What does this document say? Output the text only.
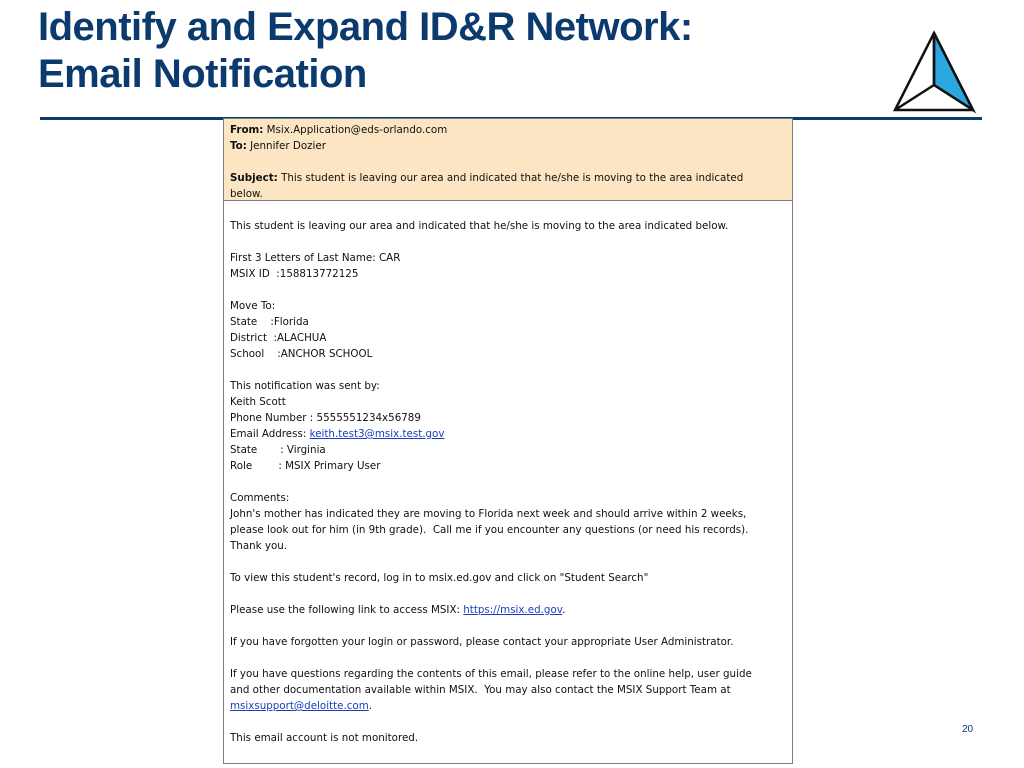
Identify and Expand ID&R Network:
Email Notification
From: Msix.Application@eds-orlando.com
To: Jennifer Dozier
Subject: This student is leaving our area and indicated that he/she is moving to the area indicated
below.
This student is leaving our area and indicated that he/she is moving to the area indicated below.
First 3 Letters of Last Name: CAR
MSIX ID  :158813772125
Move To:
State    :Florida
District  :ALACHUA
School    :ANCHOR SCHOOL
This notification was sent by:
Keith Scott
Phone Number : 5555551234x56789
Email Address: keith.test3@msix.test.gov
State       : Virginia
Role        : MSIX Primary User
Comments:
John's mother has indicated they are moving to Florida next week and should arrive within 2 weeks,
please look out for him (in 9th grade).  Call me if you encounter any questions (or need his records).
Thank you.
To view this student's record, log in to msix.ed.gov and click on "Student Search"
Please use the following link to access MSIX: https://msix.ed.gov.
If you have forgotten your login or password, please contact your appropriate User Administrator.
If you have questions regarding the contents of this email, please refer to the online help, user guide
and other documentation available within MSIX.  You may also contact the MSIX Support Team at
msixsupport@deloitte.com.
This email account is not monitored.
20
